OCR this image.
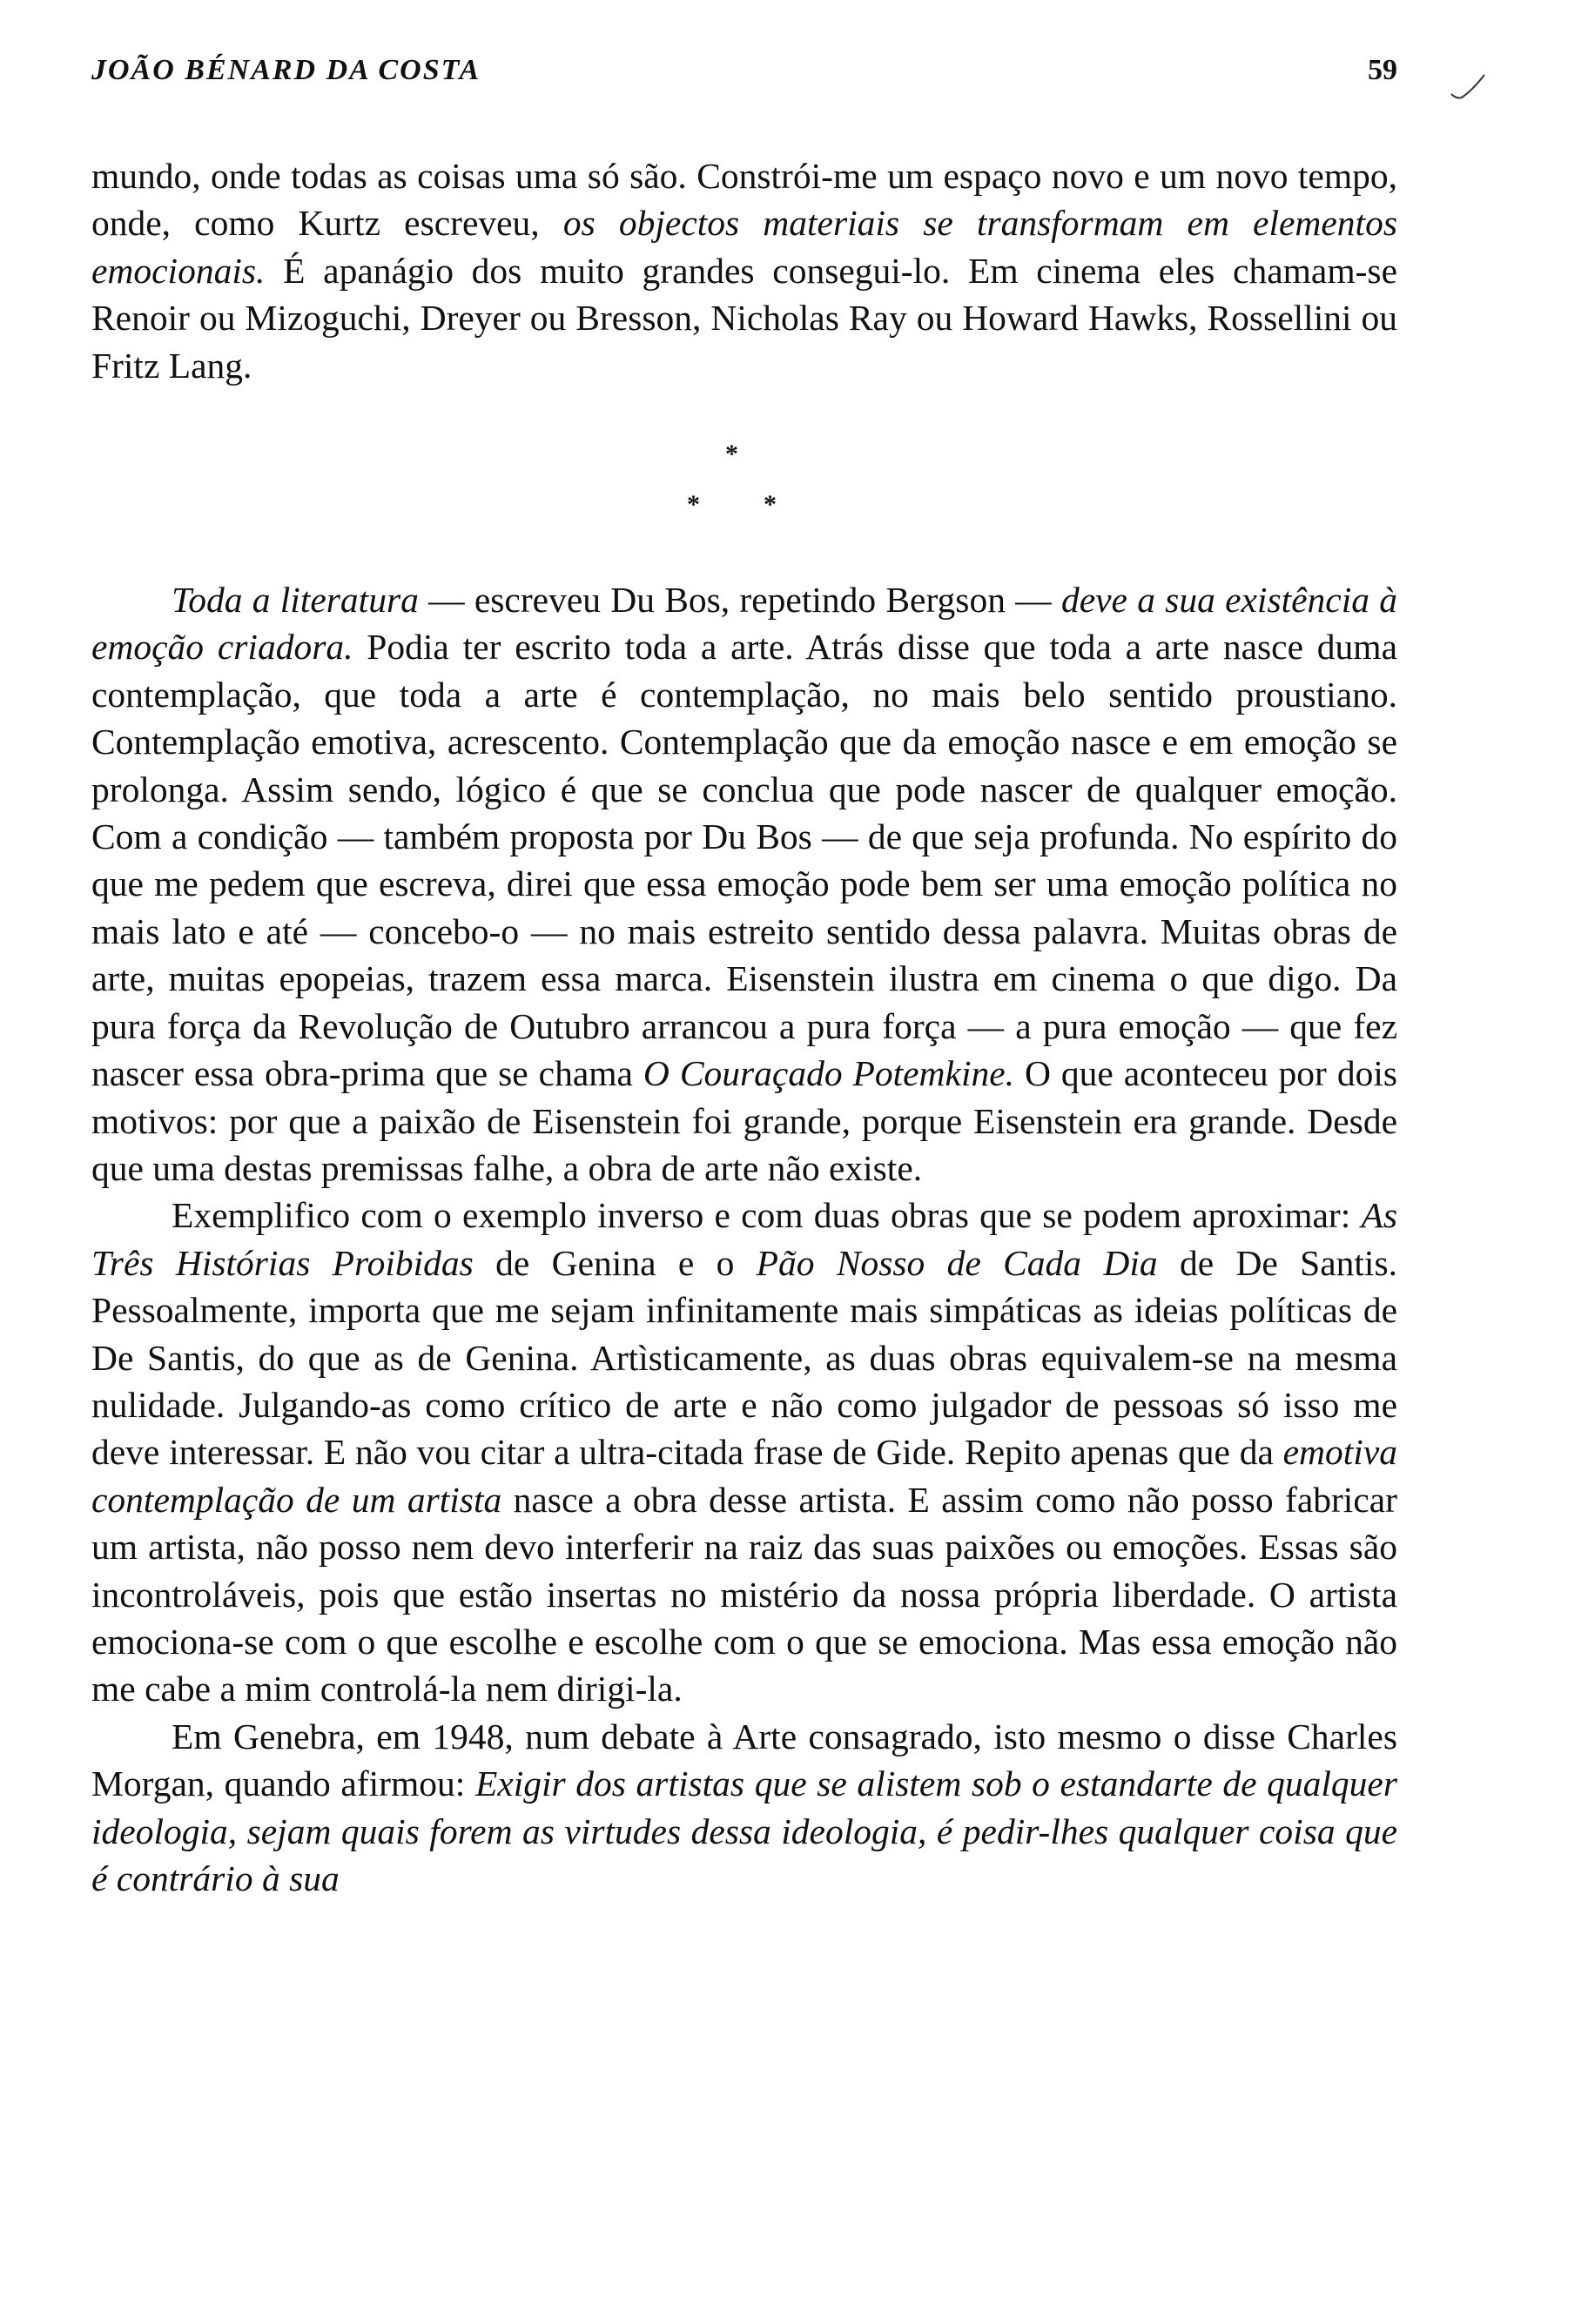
JOÃO BÉNARD DA COSTA	59

mundo, onde todas as coisas uma só são. Constrói-me um espaço novo e um novo tempo, onde, como Kurtz escreveu, os objectos materiais se transformam em elementos emocionais. É apanágio dos muito grandes consegui-lo. Em cinema eles chamam-se Renoir ou Mizoguchi, Dreyer ou Bresson, Nicholas Ray ou Howard Hawks, Rossellini ou Fritz Lang.

*
* *

Toda a literatura — escreveu Du Bos, repetindo Bergson — deve a sua existência à emoção criadora. Podia ter escrito toda a arte. Atrás disse que toda a arte nasce duma contemplação, que toda a arte é contemplação, no mais belo sentido proustiano. Contemplação emotiva, acrescento. Contemplação que da emoção nasce e em emoção se prolonga. Assim sendo, lógico é que se conclua que pode nascer de qualquer emoção. Com a condição — também proposta por Du Bos — de que seja profunda. No espírito do que me pedem que escreva, direi que essa emoção pode bem ser uma emoção política no mais lato e até — concebo-o — no mais estreito sentido dessa palavra. Muitas obras de arte, muitas epopeias, trazem essa marca. Eisenstein ilustra em cinema o que digo. Da pura força da Revolução de Outubro arrancou a pura força — a pura emoção — que fez nascer essa obra-prima que se chama O Couraçado Potemkine. O que aconteceu por dois motivos: por que a paixão de Eisenstein foi grande, porque Eisenstein era grande. Desde que uma destas premissas falhe, a obra de arte não existe.

Exemplifico com o exemplo inverso e com duas obras que se podem aproximar: As Três Histórias Proibidas de Genina e o Pão Nosso de Cada Dia de De Santis. Pessoalmente, importa que me sejam infinitamente mais simpáticas as ideias políticas de De Santis, do que as de Genina. Artìsticamente, as duas obras equivalem-se na mesma nulidade. Julgando-as como crítico de arte e não como julgador de pessoas só isso me deve interessar. E não vou citar a ultra-citada frase de Gide. Repito apenas que da emotiva contemplação de um artista nasce a obra desse artista. E assim como não posso fabricar um artista, não posso nem devo interferir na raiz das suas paixões ou emoções. Essas são incontroláveis, pois que estão insertas no mistério da nossa própria liberdade. O artista emociona-se com o que escolhe e escolhe com o que se emociona. Mas essa emoção não me cabe a mim controlá-la nem dirigi-la.

Em Genebra, em 1948, num debate à Arte consagrado, isto mesmo o disse Charles Morgan, quando afirmou: Exigir dos artistas que se alistem sob o estandarte de qualquer ideologia, sejam quais forem as virtudes dessa ideologia, é pedir-lhes qualquer coisa que é contrário à sua
